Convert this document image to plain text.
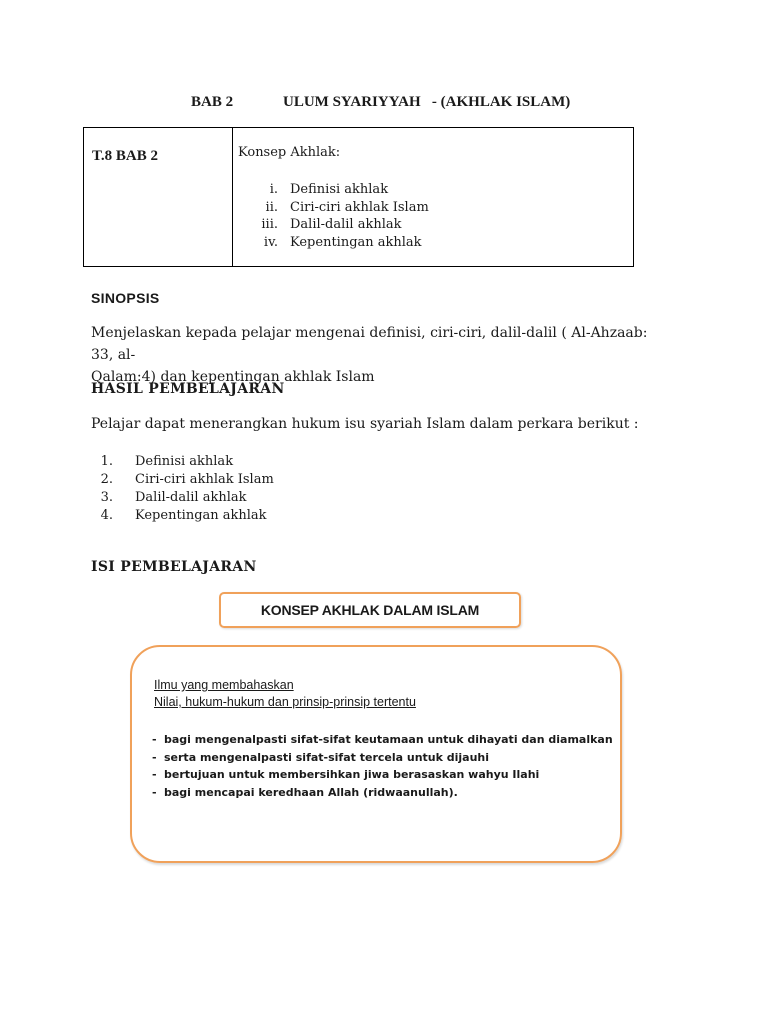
BAB 2	ULUM SYARIYYAH   - (AKHLAK ISLAM)
T.8 BAB 2	Konsep Akhlak:
i. Definisi akhlak
ii. Ciri-ciri akhlak Islam
iii. Dalil-dalil akhlak
iv. Kepentingan akhlak
SINOPSIS
Menjelaskan kepada pelajar mengenai definisi, ciri-ciri, dalil-dalil ( Al-Ahzaab: 33, al-
Qalam:4) dan kepentingan akhlak Islam
HASIL PEMBELAJARAN
Pelajar dapat menerangkan hukum isu syariah Islam dalam perkara berikut :
1.	Definisi akhlak
2.	Ciri-ciri akhlak Islam
3.	Dalil-dalil akhlak
4.	Kepentingan akhlak
ISI PEMBELAJARAN
KONSEP AKHLAK DALAM ISLAM
Ilmu yang membahaskan
Nilai, hukum-hukum dan prinsip-prinsip tertentu
- bagi mengenalpasti sifat-sifat keutamaan untuk dihayati dan diamalkan
- serta mengenalpasti sifat-sifat tercela untuk dijauhi
- bertujuan untuk membersihkan jiwa berasaskan wahyu Ilahi
- bagi mencapai keredhaan Allah (ridwaanullah).
